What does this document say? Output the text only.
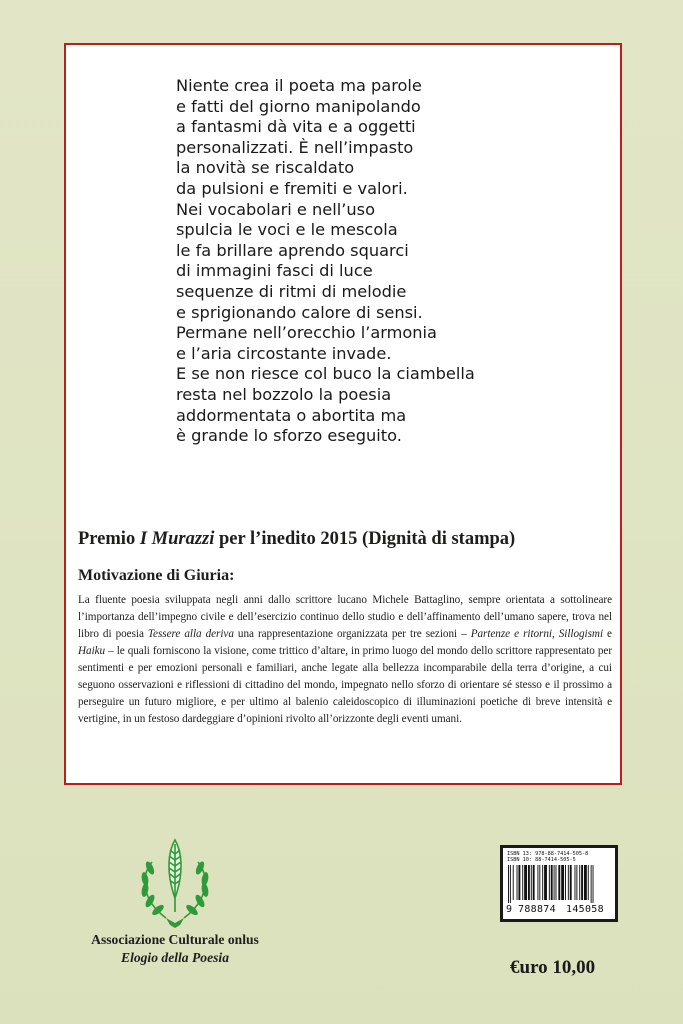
Niente crea il poeta ma parole
e fatti del giorno manipolando
a fantasmi dà vita e a oggetti
personalizzati. È nell’impasto
la novità se riscaldato
da pulsioni e fremiti e valori.
Nei vocabolari e nell’uso
spulcia le voci e le mescola
le fa brillare aprendo squarci
di immagini fasci di luce
sequenze di ritmi di melodie
e sprigionando calore di sensi.
Permane nell’orecchio l’armonia
e l’aria circostante invade.
E se non riesce col buco la ciambella
resta nel bozzolo la poesia
addormentata o abortita ma
è grande lo sforzo eseguito.
Premio I Murazzi per l’inedito 2015 (Dignità di stampa)
Motivazione di Giuria:

La fluente poesia sviluppata negli anni dallo scrittore lucano Michele Battaglino, sempre orientata a sottolineare l’importanza dell’impegno civile e dell’esercizio continuo dello studio e dell’affinamento dell’umano sapere, trova nel libro di poesia Tessere alla deriva una rappresentazione organizzata per tre sezioni – Partenze e ritorni, Sillogismi e Haiku – le quali forniscono la visione, come trittico d’altare, in primo luogo del mondo dello scrittore rappresentato per sentimenti e per emozioni personali e familiari, anche legate alla bellezza incomparabile della terra d’origine, a cui seguono osservazioni e riflessioni di cittadino del mondo, impegnato nello sforzo di orientare sé stesso e il prossimo a perseguire un futuro migliore, e per ultimo al balenio caleidoscopico di illuminazioni poetiche di breve intensità e vertigine, in un festoso dardeggiare d’opinioni rivolto all’orizzonte degli eventi umani.

Associazione Culturale onlus
Elogio della Poesia
ISBN 13: 978-88-7414-505-8
ISBN 10: 88-7414-505-5
9 788874 145058
€uro 10,00
